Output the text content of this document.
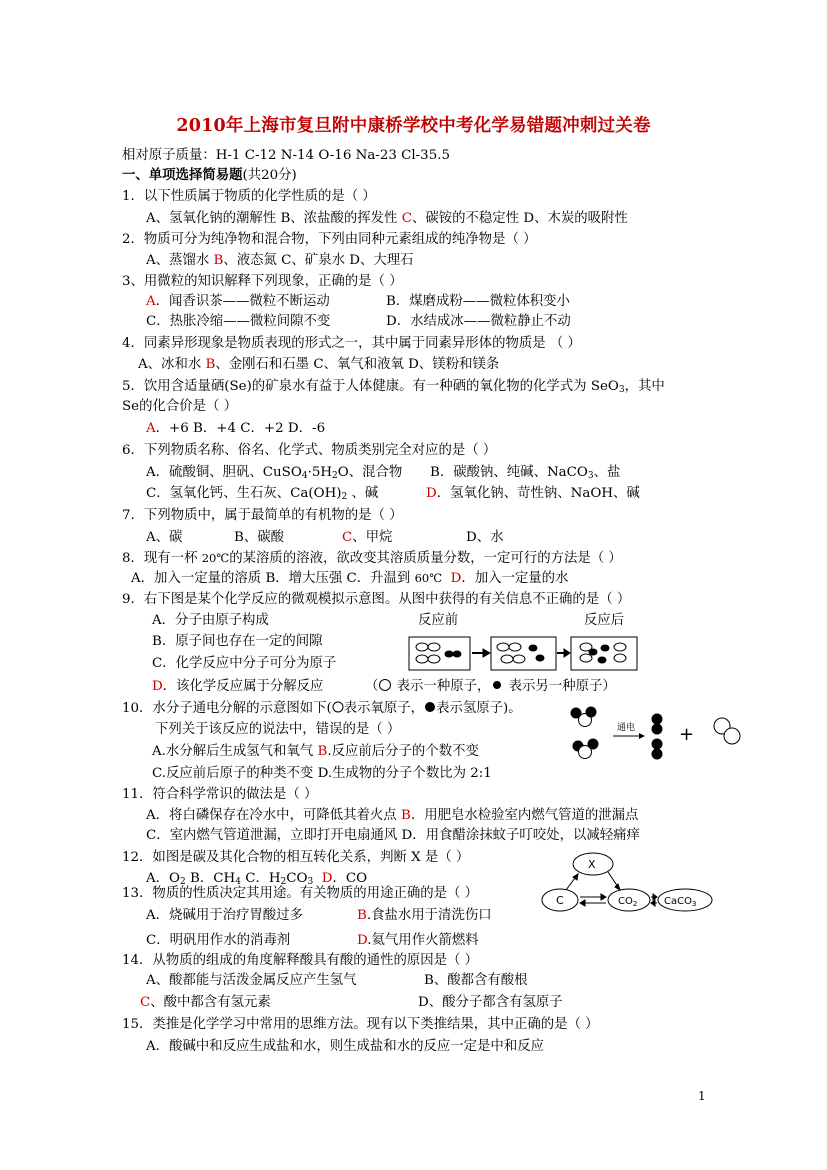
2010年上海市复旦附中康桥学校中考化学易错题冲刺过关卷
相对原子质量：H-1 C-12 N-14 O-16 Na-23 Cl-35.5
一、单项选择简易题(共20分)
1．以下性质属于物质的化学性质的是（ ）
A、氢氧化钠的潮解性 B、浓盐酸的挥发性 C、碳铵的不稳定性 D、木炭的吸附性
2．物质可分为纯净物和混合物，下列由同种元素组成的纯净物是（ ）
A、蒸馏水 B、液态氮 C、矿泉水 D、大理石
3、用微粒的知识解释下列现象，正确的是（ ）
A．闻香识茶——微粒不断运动	B．煤磨成粉——微粒体积变小
C．热胀冷缩——微粒间隙不变	D．水结成冰——微粒静止不动
4．同素异形现象是物质表现的形式之一，其中属于同素异形体的物质是 （ ）
A、冰和水 B、金刚石和石墨 C、氧气和液氧 D、镁粉和镁条
5．饮用含适量硒(Se)的矿泉水有益于人体健康。有一种硒的氧化物的化学式为 SeO$_3$，其中
Se的化合价是（ ）
A．+6 B．+4 C．+2 D．-6
6．下列物质名称、俗名、化学式、物质类别完全对应的是（ ）
A．硫酸铜、胆矾、$CuSO_4\cdot 5H_2O$、混合物 B．碳酸钠、纯碱、NaCO$_3$、盐
C．氢氧化钙、生石灰、$Ca(OH)_2$ 、碱	D．氢氧化钠、苛性钠、NaOH、碱
7．下列物质中，属于最简单的有机物的是（ ）
A、碳	B、碳酸	C、甲烷	D、水
8．现有一杯 20℃的某溶质的溶液，欲改变其溶质质量分数，一定可行的方法是（ ）
A．加入一定量的溶质 B．增大压强 C．升温到 60℃ D．加入一定量的水
9．右下图是某个化学反应的微观模拟示意图。从图中获得的有关信息不正确的是（ ）
A．分子由原子构成
B．原子间也存在一定的间隙
C．化学反应中分子可分为原子
D．该化学反应属于分解反应
反应前	反应后
（ 表示一种原子， 表示另一种原子）
10．水分子通电分解的示意图如下( 表示氧原子， 表示氢原子)。
下列关于该反应的说法中，错误的是（ ）
A.水分解后生成氢气和氧气 B.反应前后分子的个数不变
C.反应前后原子的种类不变 D.生成物的分子个数比为 2:1
通电 +
11．符合科学常识的做法是（ ）
A．将白磷保存在冷水中，可降低其着火点 B．用肥皂水检验室内燃气管道的泄漏点
C．室内燃气管道泄漏，立即打开电扇通风 D．用食醋涂抹蚊子叮咬处，以减轻痛痒
12．如图是碳及其化合物的相互转化关系，判断 X 是（ ）
A．$O_2$ B．$CH_4$ C．$H_2CO_3$ D．CO
X
C	$CO_2$	CaCO$_3$
13．物质的性质决定其用途。有关物质的用途正确的是（ ）
A．烧碱用于治疗胃酸过多	B.食盐水用于清洗伤口
C．明矾用作水的消毒剂	D.氦气用作火箭燃料
14．从物质的组成的角度解释酸具有酸的通性的原因是（ ）
A、酸都能与活泼金属反应产生氢气	B、酸都含有酸根
C、酸中都含有氢元素	D、酸分子都含有氢原子
15．类推是化学学习中常用的思维方法。现有以下类推结果，其中正确的是（ ）
A．酸碱中和反应生成盐和水，则生成盐和水的反应一定是中和反应
1
